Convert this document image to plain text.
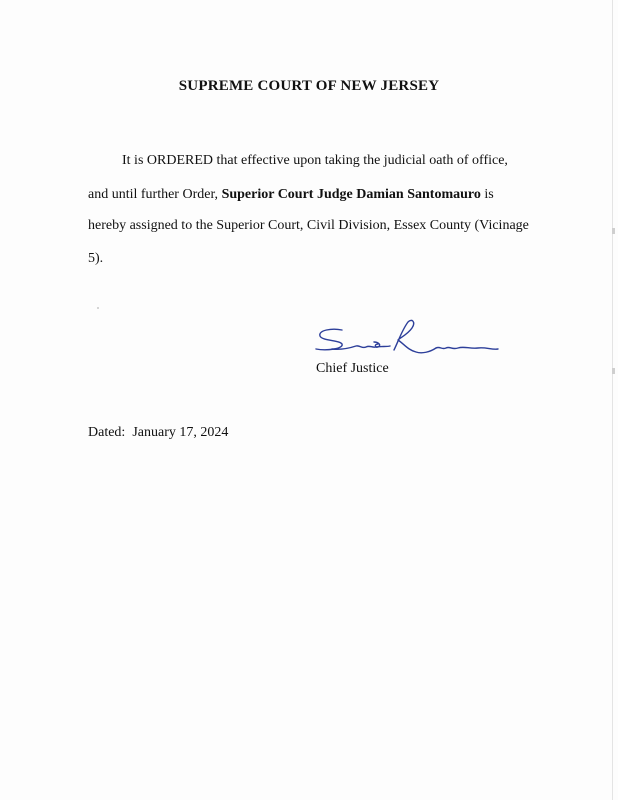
SUPREME COURT OF NEW JERSEY
It is ORDERED that effective upon taking the judicial oath of office,
and until further Order, Superior Court Judge Damian Santomauro is
hereby assigned to the Superior Court, Civil Division, Essex County (Vicinage
5).
Chief Justice
Dated: January 17, 2024
